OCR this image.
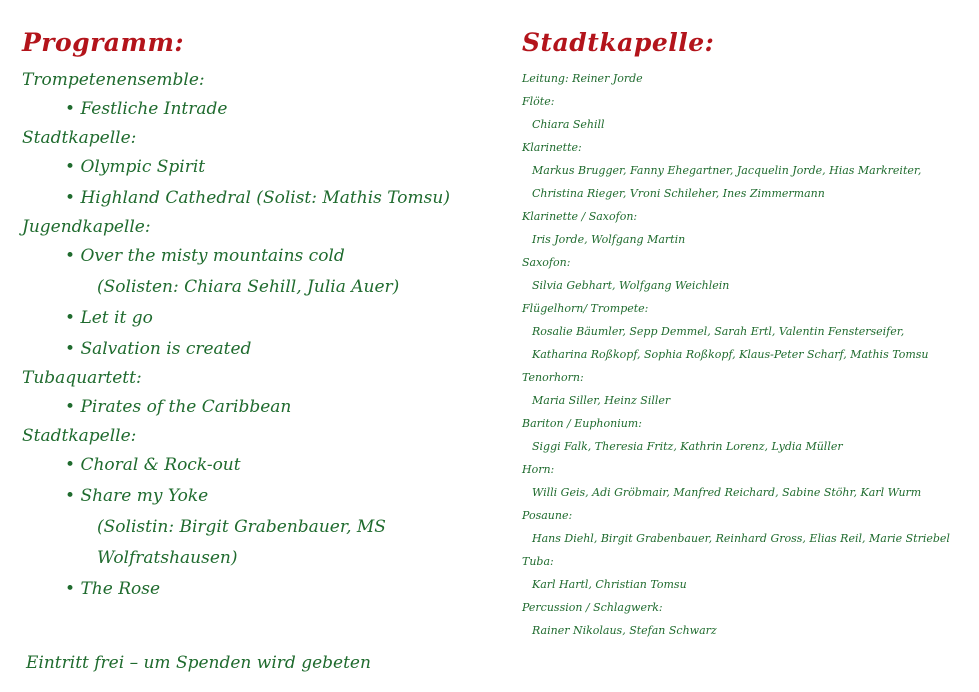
Programm:
Trompetenensemble:
• Festliche Intrade
Stadtkapelle:
• Olympic Spirit
• Highland Cathedral (Solist: Mathis Tomsu)
Jugendkapelle:
• Over the misty mountains cold
(Solisten: Chiara Sehill, Julia Auer)
• Let it go
• Salvation is created
Tubaquartett:
• Pirates of the Caribbean
Stadtkapelle:
• Choral & Rock-out
• Share my Yoke
(Solistin: Birgit Grabenbauer, MS Wolfratshausen)
• The Rose
Eintritt frei – um Spenden wird gebeten
Stadtkapelle:
Leitung: Reiner Jorde
Flöte:
Chiara Sehill
Klarinette:
Markus Brugger, Fanny Ehegartner, Jacquelin Jorde, Hias Markreiter,
Christina Rieger, Vroni Schileher, Ines Zimmermann
Klarinette / Saxofon:
Iris Jorde, Wolfgang Martin
Saxofon:
Silvia Gebhart, Wolfgang Weichlein
Flügelhorn/ Trompete:
Rosalie Bäumler, Sepp Demmel, Sarah Ertl, Valentin Fensterseifer,
Katharina Roßkopf, Sophia Roßkopf, Klaus-Peter Scharf, Mathis Tomsu
Tenorhorn:
Maria Siller, Heinz Siller
Bariton / Euphonium:
Siggi Falk, Theresia Fritz, Kathrin Lorenz, Lydia Müller
Horn:
Willi Geis, Adi Gröbmair, Manfred Reichard, Sabine Stöhr, Karl Wurm
Posaune:
Hans Diehl, Birgit Grabenbauer, Reinhard Gross, Elias Reil, Marie Striebel
Tuba:
Karl Hartl, Christian Tomsu
Percussion / Schlagwerk:
Rainer Nikolaus, Stefan Schwarz
